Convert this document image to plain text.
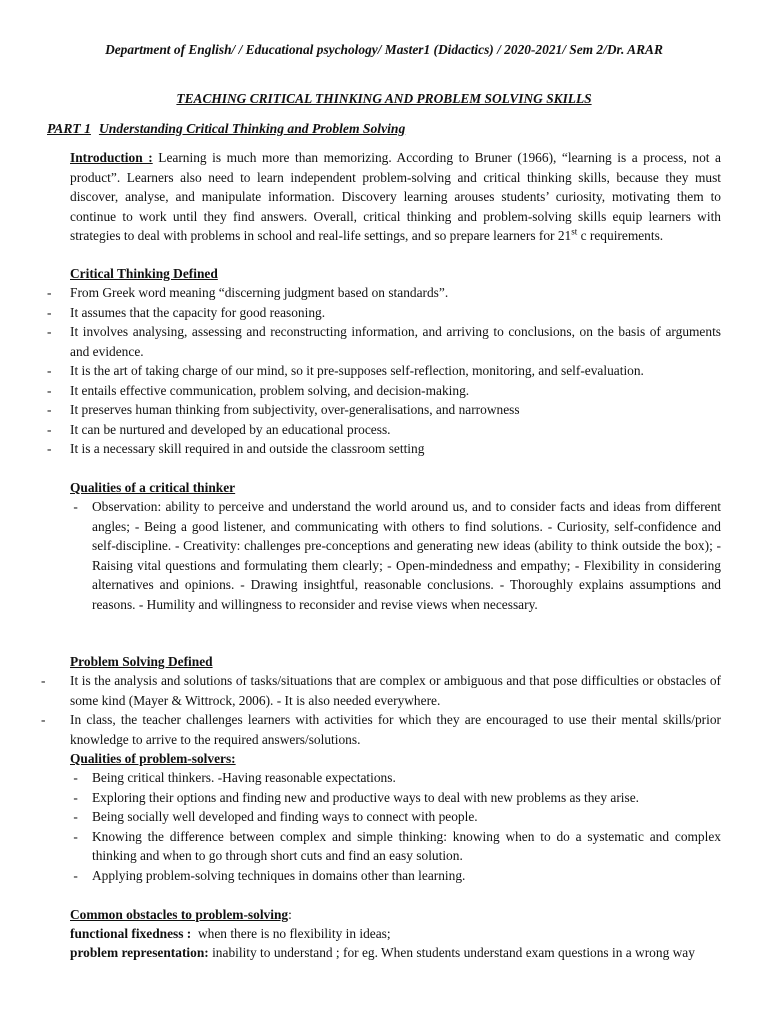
Department of English/ / Educational psychology/ Master1 (Didactics) / 2020-2021/ Sem 2/Dr. ARAR
TEACHING CRITICAL THINKING AND PROBLEM SOLVING SKILLS
PART 1 Understanding Critical Thinking and Problem Solving
Introduction : Learning is much more than memorizing. According to Bruner (1966), “learning is a process, not a product”. Learners also need to learn independent problem-solving and critical thinking skills, because they must discover, analyse, and manipulate information. Discovery learning arouses students’ curiosity, motivating them to continue to work until they find answers. Overall, critical thinking and problem-solving skills equip learners with strategies to deal with problems in school and real-life settings, and so prepare learners for 21st c requirements.
Critical Thinking Defined
- From Greek word meaning “discerning judgment based on standards”.
- It assumes that the capacity for good reasoning.
- It involves analysing, assessing and reconstructing information, and arriving to conclusions, on the basis of arguments and evidence.
- It is the art of taking charge of our mind, so it pre-supposes self-reflection, monitoring, and self-evaluation.
- It entails effective communication, problem solving, and decision-making.
- It preserves human thinking from subjectivity, over-generalisations, and narrowness
- It can be nurtured and developed by an educational process.
- It is a necessary skill required in and outside the classroom setting
Qualities of a critical thinker
- Observation: ability to perceive and understand the world around us, and to consider facts and ideas from different angles; - Being a good listener, and communicating with others to find solutions. - Curiosity, self-confidence and self-discipline. - Creativity: challenges pre-conceptions and generating new ideas (ability to think outside the box); - Raising vital questions and formulating them clearly; - Open-mindedness and empathy; - Flexibility in considering alternatives and opinions. - Drawing insightful, reasonable conclusions. - Thoroughly explains assumptions and reasons. - Humility and willingness to reconsider and revise views when necessary.
Problem Solving Defined
- It is the analysis and solutions of tasks/situations that are complex or ambiguous and that pose difficulties or obstacles of some kind (Mayer & Wittrock, 2006). - It is also needed everywhere.
- In class, the teacher challenges learners with activities for which they are encouraged to use their mental skills/prior knowledge to arrive to the required answers/solutions.
Qualities of problem-solvers:
- Being critical thinkers. -Having reasonable expectations.
- Exploring their options and finding new and productive ways to deal with new problems as they arise.
- Being socially well developed and finding ways to connect with people.
- Knowing the difference between complex and simple thinking: knowing when to do a systematic and complex thinking and when to go through short cuts and find an easy solution.
- Applying problem-solving techniques in domains other than learning.
Common obstacles to problem-solving:
functional fixedness :  when there is no flexibility in ideas;
problem representation: inability to understand ; for eg. When students understand exam questions in a wrong way
